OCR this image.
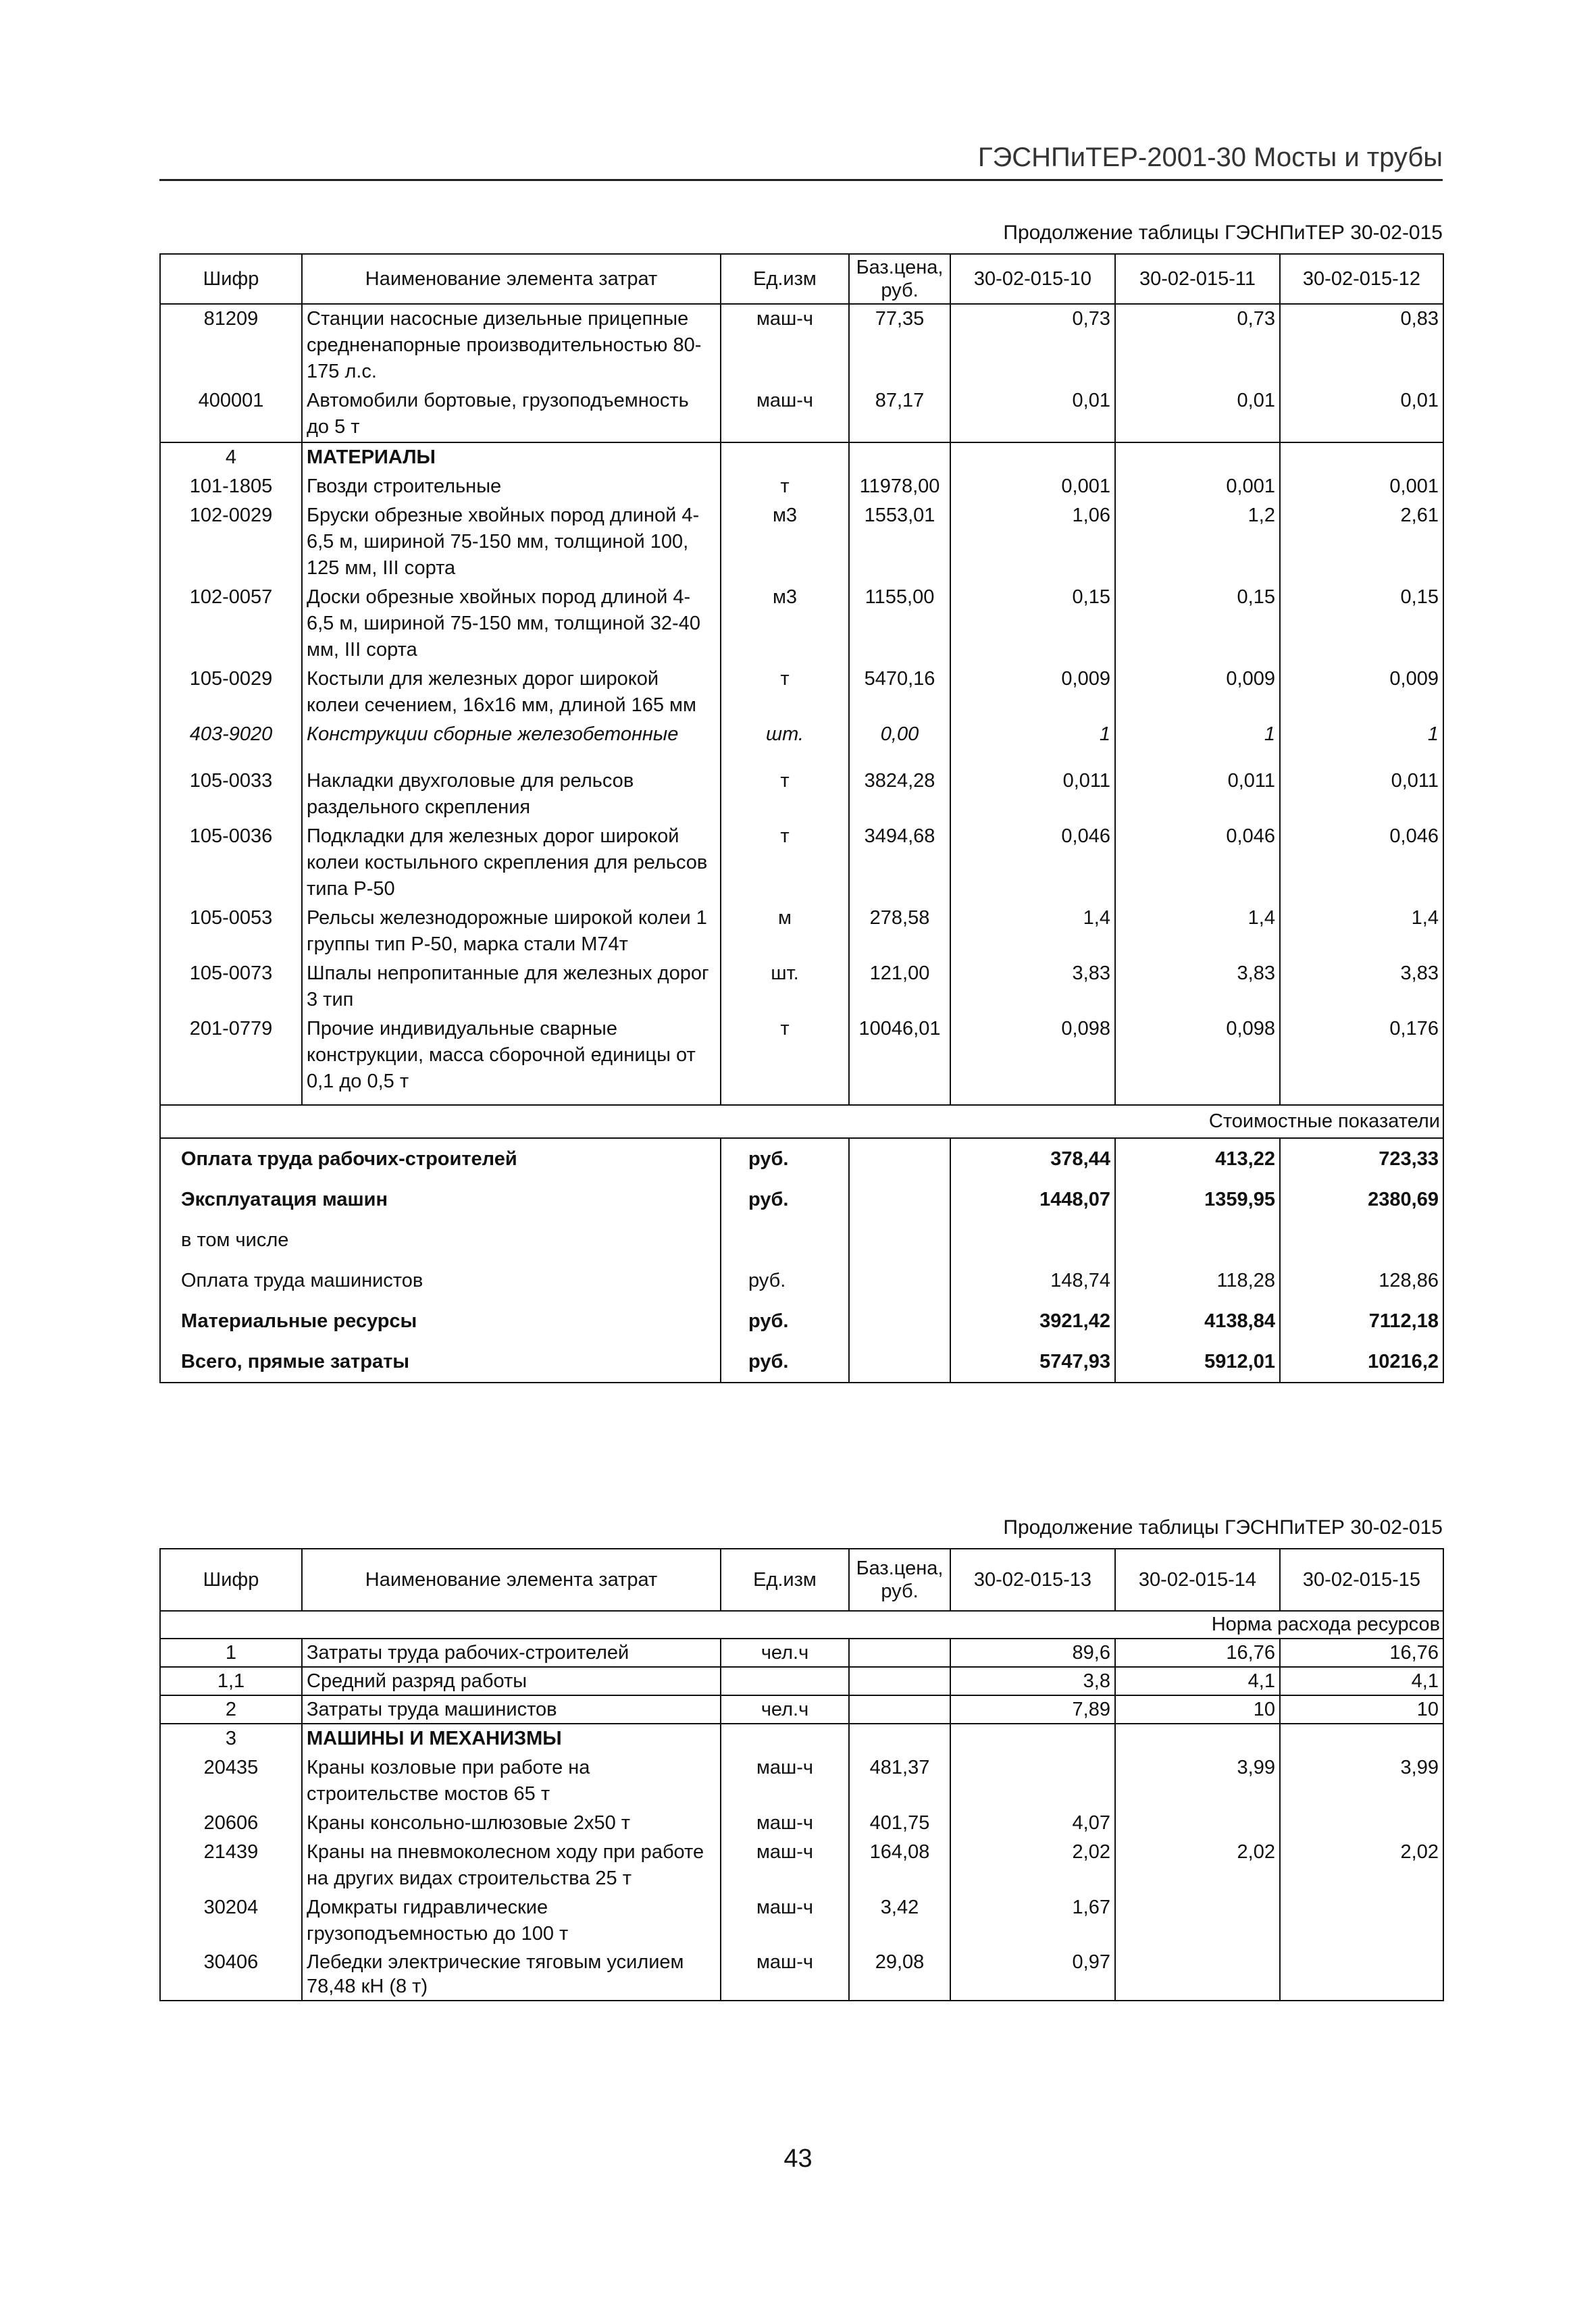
ГЭСНПиТЕР-2001-30 Мосты и трубы
Продолжение таблицы ГЭСНПиТЕР 30-02-015
Шифр	Наименование элемента затрат	Ед.изм	Баз.цена, руб.	30-02-015-10	30-02-015-11	30-02-015-12
81209	Станции насосные дизельные прицепные средненапорные производительностью 80-175 л.с.	маш-ч	77,35	0,73	0,73	0,83
400001	Автомобили бортовые, грузоподъемность до 5 т	маш-ч	87,17	0,01	0,01	0,01
4	МАТЕРИАЛЫ					
101-1805	Гвозди строительные	т	11978,00	0,001	0,001	0,001
102-0029	Бруски обрезные хвойных пород длиной 4-6,5 м, шириной 75-150 мм, толщиной 100, 125 мм, III сорта	м3	1553,01	1,06	1,2	2,61
102-0057	Доски обрезные хвойных пород длиной 4-6,5 м, шириной 75-150 мм, толщиной 32-40 мм, III сорта	м3	1155,00	0,15	0,15	0,15
105-0029	Костыли для железных дорог широкой колеи сечением, 16х16 мм, длиной 165 мм	т	5470,16	0,009	0,009	0,009
403-9020	Конструкции сборные железобетонные	шт.	0,00	1	1	1
105-0033	Накладки двухголовые для рельсов раздельного скрепления	т	3824,28	0,011	0,011	0,011
105-0036	Подкладки для железных дорог широкой колеи костыльного скрепления для рельсов типа Р-50	т	3494,68	0,046	0,046	0,046
105-0053	Рельсы железнодорожные широкой колеи 1 группы тип Р-50, марка стали М74т	м	278,58	1,4	1,4	1,4
105-0073	Шпалы непропитанные для железных дорог 3 тип	шт.	121,00	3,83	3,83	3,83
201-0779	Прочие индивидуальные сварные конструкции, масса сборочной единицы от 0,1 до 0,5 т	т	10046,01	0,098	0,098	0,176
Стоимостные показатели						
Оплата труда рабочих-строителей		руб.		378,44	413,22	723,33
Эксплуатация машин		руб.		1448,07	1359,95	2380,69
в том числе						
Оплата труда машинистов		руб.		148,74	118,28	128,86
Материальные ресурсы		руб.		3921,42	4138,84	7112,18
Всего, прямые затраты		руб.		5747,93	5912,01	10216,2
Продолжение таблицы ГЭСНПиТЕР 30-02-015
Шифр	Наименование элемента затрат	Ед.изм	Баз.цена, руб.	30-02-015-13	30-02-015-14	30-02-015-15
Норма расхода ресурсов						
1	Затраты труда рабочих-строителей	чел.ч		89,6	16,76	16,76
1,1	Средний разряд работы			3,8	4,1	4,1
2	Затраты труда машинистов	чел.ч		7,89	10	10
3	МАШИНЫ И МЕХАНИЗМЫ					
20435	Краны козловые при работе на строительстве мостов 65 т	маш-ч	481,37		3,99	3,99
20606	Краны консольно-шлюзовые 2х50 т	маш-ч	401,75	4,07		
21439	Краны на пневмоколесном ходу при работе на других видах строительства 25 т	маш-ч	164,08	2,02	2,02	2,02
30204	Домкраты гидравлические грузоподъемностью до 100 т	маш-ч	3,42	1,67		
30406	Лебедки электрические тяговым усилием 78,48 кН (8 т)	маш-ч	29,08	0,97		
43
